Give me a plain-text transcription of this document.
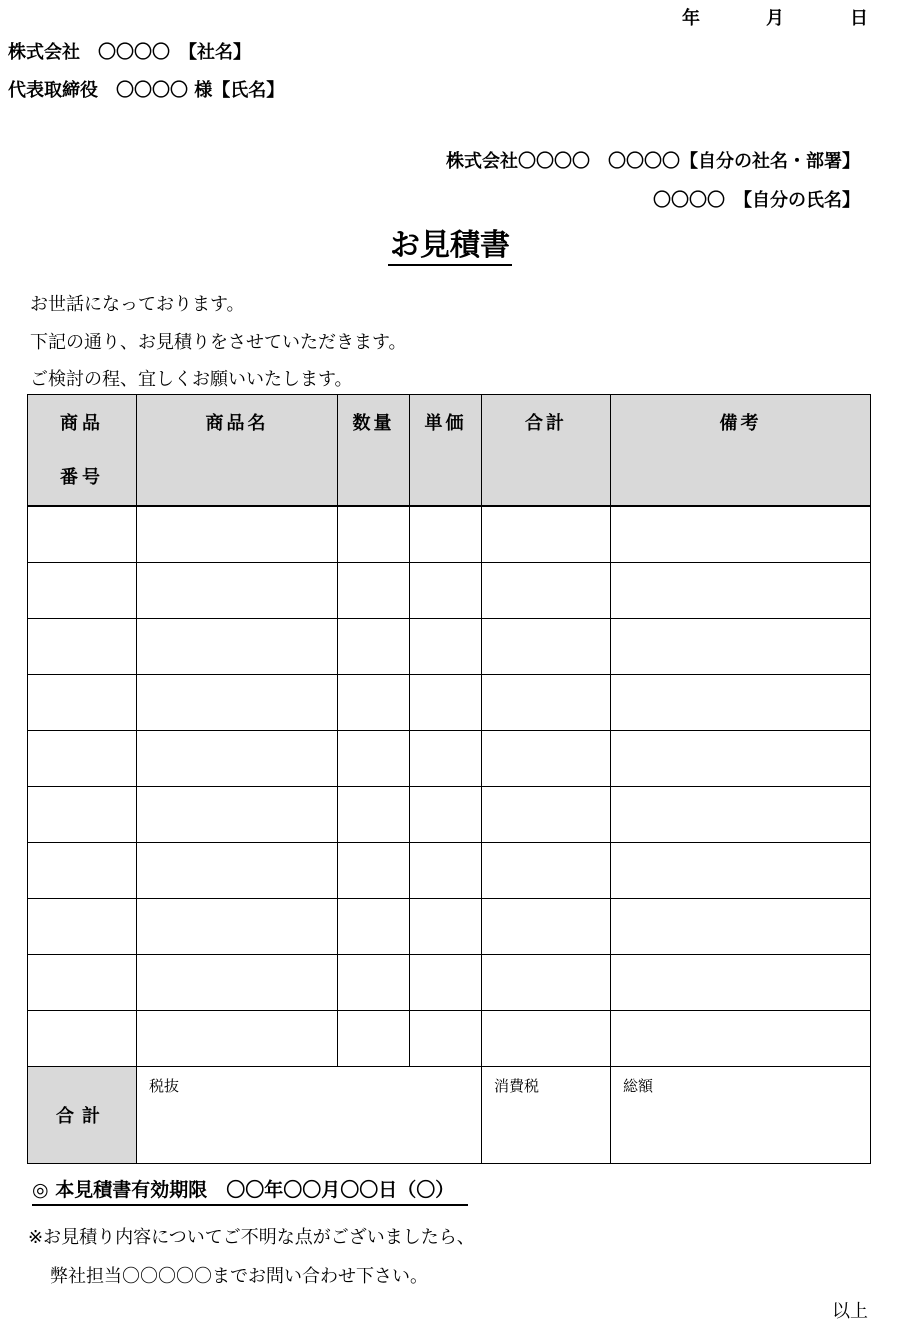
年	月	日
株式会社　〇〇〇〇　【社名】
代表取締役　〇〇〇〇 様【氏名】
株式会社〇〇〇〇　〇〇〇〇【自分の社名・部署】
〇〇〇〇　【自分の氏名】
お見積書
お世話になっております。
下記の通り、お見積りをさせていただきます。
ご検討の程、宜しくお願いいたします。
商品番号	商品名	数量	単価	合計	備考

合計	税抜			消費税	総額
◎ 本見積書有効期限　〇〇年〇〇月〇〇日（〇）
※お見積り内容についてご不明な点がございましたら、
弊社担当〇〇〇〇〇までお問い合わせ下さい。
以上
